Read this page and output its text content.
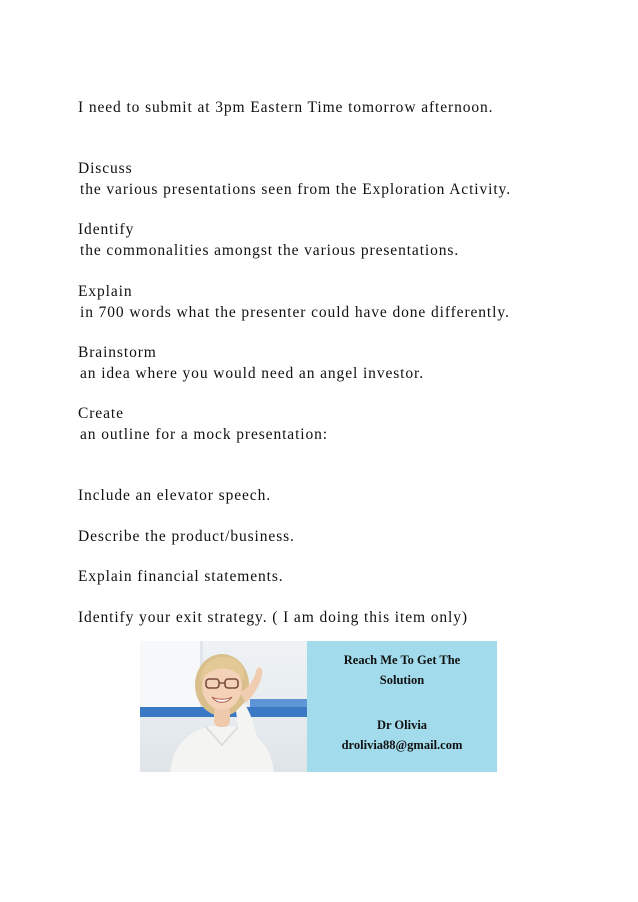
I need to submit at 3pm Eastern Time tomorrow afternoon.
Discuss
the various presentations seen from the Exploration Activity.
Identify
the commonalities amongst the various presentations.
Explain
in 700 words what the presenter could have done differently.
Brainstorm
an idea where you would need an angel investor.
Create
an outline for a mock presentation:
Include an elevator speech.
Describe the product/business.
Explain financial statements.
Identify your exit strategy. ( I am doing this item only)
Reach Me To Get The
Solution
Dr Olivia
drolivia88@gmail.com
